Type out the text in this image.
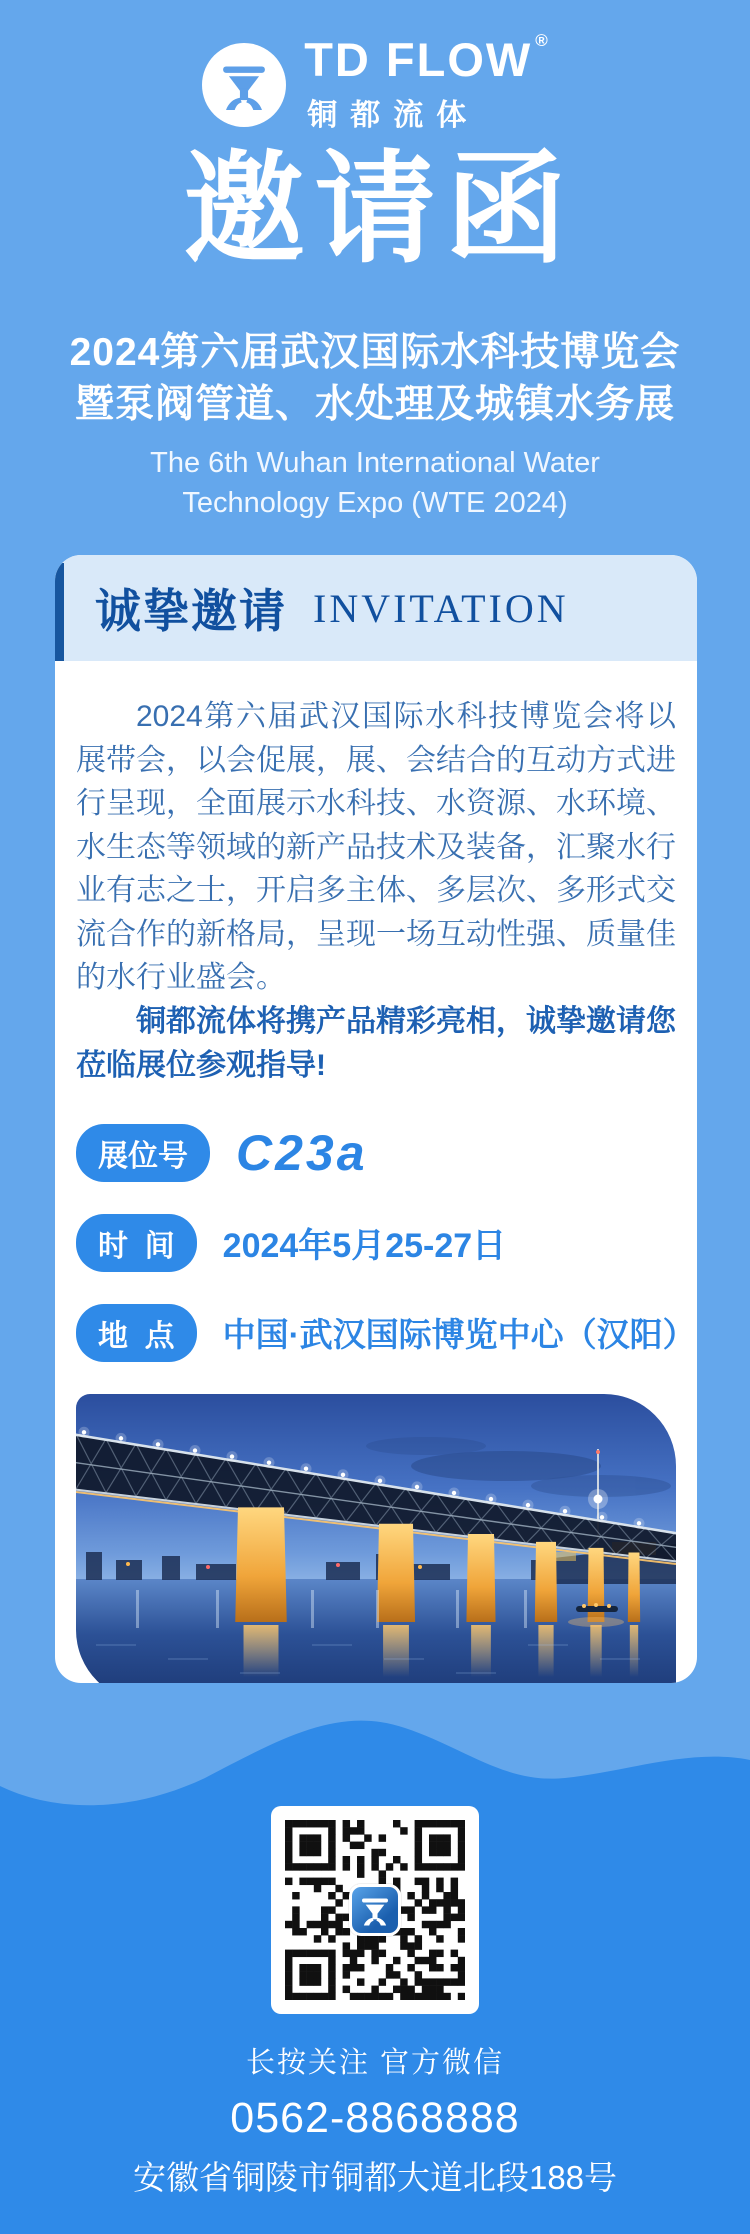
TD FLOW ®
铜都流体
邀请函
2024第六届武汉国际水科技博览会
暨泵阀管道、水处理及城镇水务展
The 6th Wuhan International Water
Technology Expo (WTE 2024)
诚挚邀请 INVITATION

2024第六届武汉国际水科技博览会将以展带会，以会促展，展、会结合的互动方式进行呈现，全面展示水科技、水资源、水环境、水生态等领域的新产品技术及装备，汇聚水行业有志之士，开启多主体、多层次、多形式交流合作的新格局，呈现一场互动性强、质量佳的水行业盛会。

铜都流体将携产品精彩亮相，诚挚邀请您莅临展位参观指导!

展位号 C23a
时  间	2024年5月25-27日
地  点	中国·武汉国际博览中心（汉阳）
长按关注 官方微信
0562-8868888
安徽省铜陵市铜都大道北段188号
